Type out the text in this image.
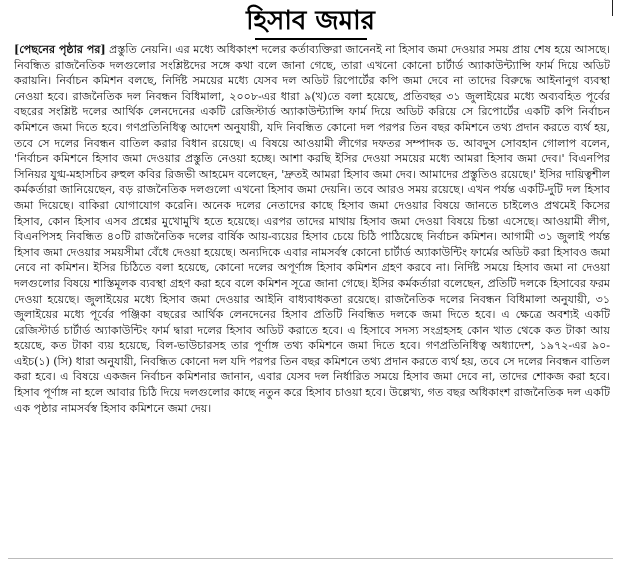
হিসাব জমার

[পেছনের পৃষ্ঠার পর] প্রস্তুতি নেয়নি। এর মধ্যে অধিকাংশ দলের কর্তাব্যক্তিরা জানেনই না হিসাব জমা দেওয়ার সময় প্রায় শেষ হয়ে আসছে। নিবন্ধিত রাজনৈতিক দলগুলোর সংশ্লিষ্টদের সঙ্গে কথা বলে জানা গেছে, তারা এখনো কোনো চার্টার্ড অ্যাকাউন্ট্যান্সি ফার্ম দিয়ে অডিট করায়নি। নির্বাচন কমিশন বলছে, নির্দিষ্ট সময়ের মধ্যে যেসব দল অডিট রিপোর্টের কপি জমা দেবে না তাদের বিরুদ্ধে আইনানুগ ব্যবস্থা নেওয়া হবে। রাজনৈতিক দল নিবন্ধন বিধিমালা, ২০০৮-এর ধারা ৯(খ)তে বলা হয়েছে, প্রতিবছর ৩১ জুলাইয়ের মধ্যে অব্যবহিত পূর্বের বছরের সংশ্লিষ্ট দলের আর্থিক লেনদেনের একটি রেজিস্টার্ড অ্যাকাউন্ট্যান্সি ফার্ম দিয়ে অডিট করিয়ে সে রিপোর্টের একটি কপি নির্বাচন কমিশনে জমা দিতে হবে। গণপ্রতিনিধিত্ব আদেশ অনুযায়ী, যদি নিবন্ধিত কোনো দল পরপর তিন বছর কমিশনে তথ্য প্রদান করতে ব্যর্থ হয়, তবে সে দলের নিবন্ধন বাতিল করার বিধান রয়েছে। এ বিষয়ে আওয়ামী লীগের দফতর সম্পাদক ড. আবদুস সোবহান গোলাপ বলেন, 'নির্বাচন কমিশনে হিসাব জমা দেওয়ার প্রস্তুতি নেওয়া হচ্ছে। আশা করছি ইসির দেওয়া সময়ের মধ্যে আমরা হিসাব জমা দেব।' বিএনপির সিনিয়র যুগ্ম-মহাসচিব রুহুল কবির রিজভী আহমেদ বলেছেন, 'দ্রুতই আমরা হিসাব জমা দেব। আমাদের প্রস্তুতিও রয়েছে।' ইসির দায়িত্বশীল কর্মকর্তারা জানিয়েছেন, বড় রাজনৈতিক দলগুলো এখনো হিসাব জমা দেয়নি। তবে আরও সময় রয়েছে। এখন পর্যন্ত একটি-দুটি দল হিসাব জমা দিয়েছে। বাকিরা যোগাযোগ করেনি। অনেক দলের নেতাদের কাছে হিসাব জমা দেওয়ার বিষয়ে জানতে চাইলেও প্রথমেই কিসের হিসাব, কোন হিসাব এসব প্রশ্নের মুখোমুখি হতে হয়েছে। এরপর তাদের মাথায় হিসাব জমা দেওয়া বিষয়ে চিন্তা এসেছে। আওয়ামী লীগ, বিএনপিসহ নিবন্ধিত ৪০টি রাজনৈতিক দলের বার্ষিক আয়-ব্যয়ের হিসাব চেয়ে চিঠি পাঠিয়েছে নির্বাচন কমিশন। আগামী ৩১ জুলাই পর্যন্ত হিসাব জমা দেওয়ার সময়সীমা বেঁধে দেওয়া হয়েছে। অন্যদিকে এবার নামসর্বস্ব কোনো চার্টার্ড অ্যাকাউন্টিং ফার্মের অডিট করা হিসাবও জমা নেবে না কমিশন। ইসির চিঠিতে বলা হয়েছে, কোনো দলের অপূর্ণাঙ্গ হিসাব কমিশন গ্রহণ করবে না। নির্দিষ্ট সময়ে হিসাব জমা না দেওয়া দলগুলোর বিষয়ে শাস্তিমূলক ব্যবস্থা গ্রহণ করা হবে বলে কমিশন সূত্রে জানা গেছে। ইসির কর্মকর্তারা বলেছেন, প্রতিটি দলকে হিসাবের ফরম দেওয়া হয়েছে। জুলাইয়ের মধ্যে হিসাব জমা দেওয়ার আইনি বাধ্যবাধকতা রয়েছে। রাজনৈতিক দলের নিবন্ধন বিধিমালা অনুযায়ী, ৩১ জুলাইয়ের মধ্যে পূর্বের পঞ্জিকা বছরের আর্থিক লেনদেনের হিসাব প্রতিটি নিবন্ধিত দলকে জমা দিতে হবে। এ ক্ষেত্রে অবশ্যই একটি রেজিস্টার্ড চার্টার্ড অ্যাকাউন্টিং ফার্ম দ্বারা দলের হিসাব অডিট করাতে হবে। এ হিসাবে সদস্য সংগ্রহসহ কোন খাত থেকে কত টাকা আয় হয়েছে, কত টাকা ব্যয় হয়েছে, বিল-ভাউচারসহ তার পূর্ণাঙ্গ তথ্য কমিশনে জমা দিতে হবে। গণপ্রতিনিধিত্ব অধ্যাদেশ, ১৯৭২-এর ৯০-এইচ(১) (সি) ধারা অনুযায়ী, নিবন্ধিত কোনো দল যদি পরপর তিন বছর কমিশনে তথ্য প্রদান করতে ব্যর্থ হয়, তবে সে দলের নিবন্ধন বাতিল করা হবে। এ বিষয়ে একজন নির্বাচন কমিশনার জানান, এবার যেসব দল নির্ধারিত সময়ে হিসাব জমা দেবে না, তাদের শোকজ করা হবে। হিসাব পূর্ণাঙ্গ না হলে আবার চিঠি দিয়ে দলগুলোর কাছে নতুন করে হিসাব চাওয়া হবে। উল্লেখ্য, গত বছর অধিকাংশ রাজনৈতিক দল একটি এক পৃষ্ঠার নামসর্বস্ব হিসাব কমিশনে জমা দেয়।
